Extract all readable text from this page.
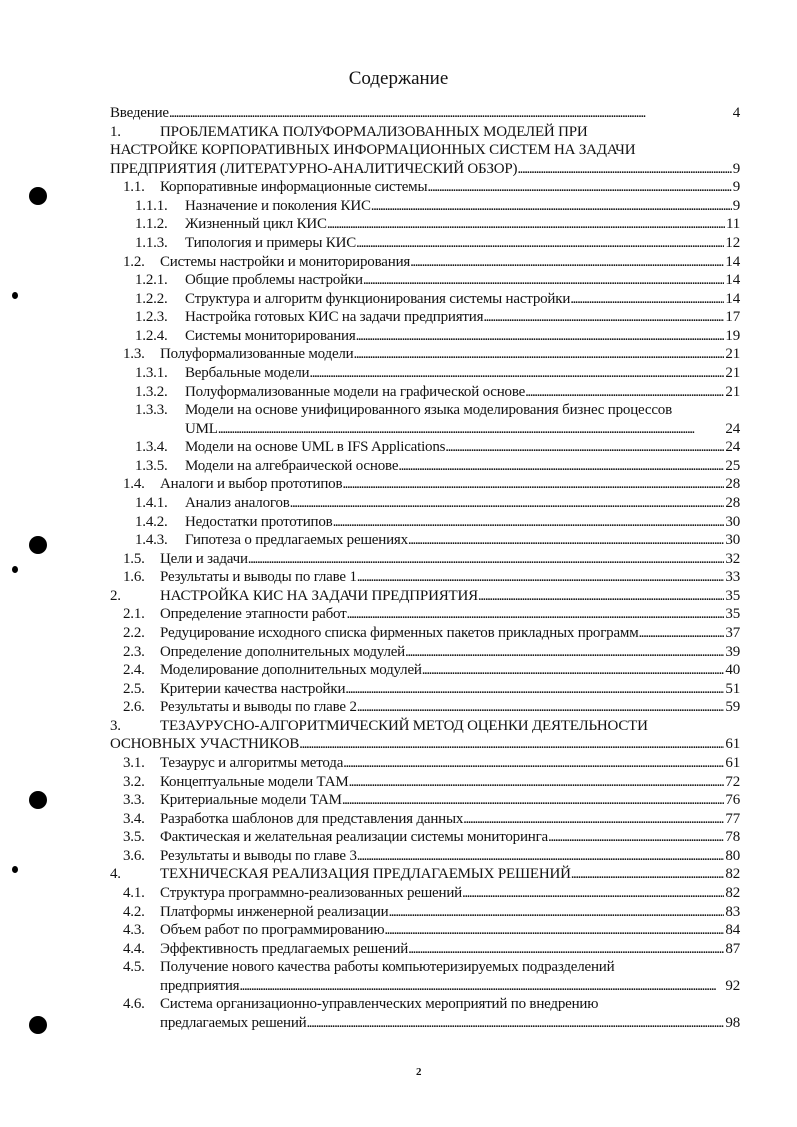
Содержание
Введение . . .	4
1.	ПРОБЛЕМАТИКА ПОЛУФОРМАЛИЗОВАННЫХ МОДЕЛЕЙ ПРИ
НАСТРОЙКЕ КОРПОРАТИВНЫХ ИНФОРМАЦИОННЫХ СИСТЕМ НА ЗАДАЧИ
ПРЕДПРИЯТИЯ (ЛИТЕРАТУРНО-АНАЛИТИЧЕСКИЙ ОБЗОР) . . .	9
1.1.	Корпоративные информационные системы . . .	9
1.1.1.	Назначение и поколения КИС . . .	9
1.1.2.	Жизненный цикл КИС . . .	11
1.1.3.	Типология и примеры КИС . . .	12
1.2.	Системы настройки и мониторирования . . .	14
1.2.1.	Общие проблемы настройки . . .	14
1.2.2.	Структура и алгоритм функционирования системы настройки . . .	14
1.2.3.	Настройка готовых КИС на задачи предприятия . . .	17
1.2.4.	Системы мониторирования . . .	19
1.3.	Полуформализованные модели . . .	21
1.3.1.	Вербальные модели . . .	21
1.3.2.	Полуформализованные модели на графической основе . . .	21
1.3.3.	Модели на основе унифицированного языка моделирования бизнес процессов
UML . . .	24
1.3.4.	Модели на основе UML в IFS Applications . . .	24
1.3.5.	Модели на алгебраической основе . . .	25
1.4.	Аналоги и выбор прототипов . . .	28
1.4.1.	Анализ аналогов . . .	28
1.4.2.	Недостатки прототипов . . .	30
1.4.3.	Гипотеза о предлагаемых решениях . . .	30
1.5.	Цели и задачи . . .	32
1.6.	Результаты и выводы по главе 1 . . .	33
2.	НАСТРОЙКА КИС НА ЗАДАЧИ ПРЕДПРИЯТИЯ . . .	35
2.1.	Определение этапности работ . . .	35
2.2.	Редуцирование исходного списка фирменных пакетов прикладных программ . . .	37
2.3.	Определение дополнительных модулей . . .	39
2.4.	Моделирование дополнительных модулей . . .	40
2.5.	Критерии качества настройки . . .	51
2.6.	Результаты и выводы по главе 2 . . .	59
3.	ТЕЗАУРУСНО-АЛГОРИТМИЧЕСКИЙ МЕТОД ОЦЕНКИ ДЕЯТЕЛЬНОСТИ
ОСНОВНЫХ УЧАСТНИКОВ . . .	61
3.1.	Тезаурус и алгоритмы метода . . .	61
3.2.	Концептуальные модели ТАМ . . .	72
3.3.	Критериальные модели ТАМ . . .	76
3.4.	Разработка шаблонов для представления данных . . .	77
3.5.	Фактическая и желательная реализации системы мониторинга . . .	78
3.6.	Результаты и выводы по главе 3 . . .	80
4.	ТЕХНИЧЕСКАЯ РЕАЛИЗАЦИЯ ПРЕДЛАГАЕМЫХ РЕШЕНИЙ . . .	82
4.1.	Структура программно-реализованных решений . . .	82
4.2.	Платформы инженерной реализации . . .	83
4.3.	Объем работ по программированию . . .	84
4.4.	Эффективность предлагаемых решений . . .	87
4.5.	Получение нового качества работы компьютеризируемых подразделений
предприятия . . .	92
4.6.	Система организационно-управленческих мероприятий по внедрению
предлагаемых решений . . .	98
2
